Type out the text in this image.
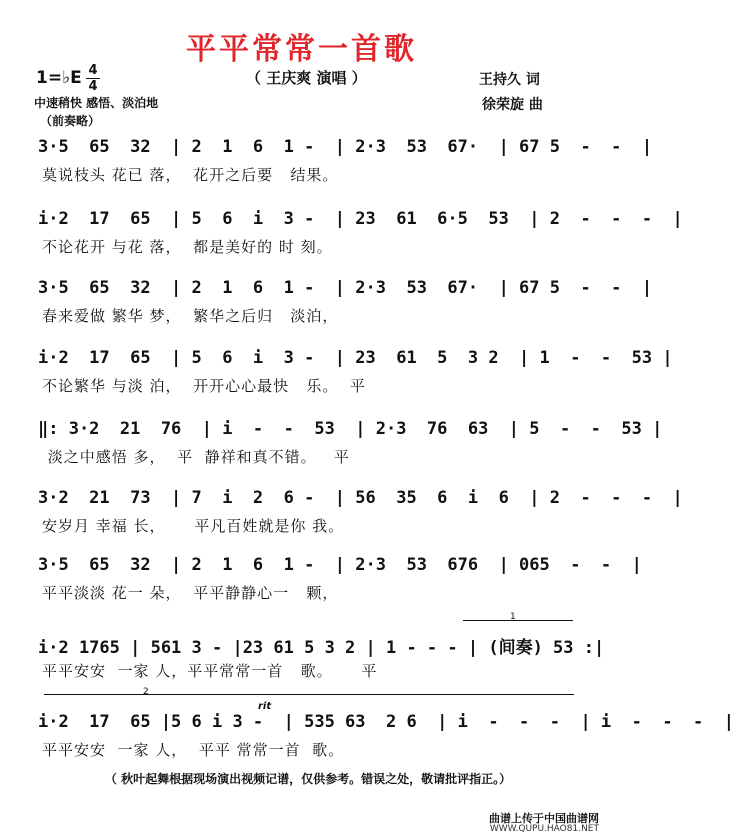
平平常常一首歌
1=♭E 4
4	（ 王庆爽 演唱 ）
中速稍快 感悟、淡泊地
（前奏略）
王持久 词
徐荣旋 曲
3·5  65  32  | 2  1  6  1 -  | 2·3  53  67·  | 67 5  -  -  |
莫说枝头 花已 落，  花开之后要   结果。
i·2  17  65  | 5  6  i  3 -  | 23  61  6·5  53  | 2  -  -  -  |
不论花开 与花 落，  都是美好的 时 刻。
3·5  65  32  | 2  1  6  1 -  | 2·3  53  67·  | 67 5  -  -  |
春来爱做 繁华 梦，  繁华之后归   淡泊，
i·2  17  65  | 5  6  i  3 -  | 23  61  5  3 2  | 1  -  -  53 |
不论繁华 与淡 泊，  开开心心最快   乐。  平
‖: 3·2  21  76  | i  -  -  53  | 2·3  76  63  | 5  -  -  53 |
淡之中感悟 多，  平  静祥和真不错。   平
3·2  21  73  | 7  i  2  6 -  | 56  35  6  i  6  | 2  -  -  -  |
安岁月 幸福 长，     平凡百姓就是你 我。
3·5  65  32  | 2  1  6  1 -  | 2·3  53  676  | 065  -  -  |
平平淡淡 花一 朵，  平平静静心一   颗，
1
i·2 1765 | 561 3 - |23 61 5 3 2 | 1 - - - | (间奏) 53 :|
平平安安  一家 人，平平常常一首   歌。     平
2
rit
i·2  17  65 |5 6 i 3 -  | 535 63  2 6  | i  -  -  -  | i  -  -  -  |
平平安安  一家 人，  平平 常常一首  歌。
（ 秋叶起舞根据现场演出视频记谱，仅供参考。错误之处，敬请批评指正。）
曲谱上传于中国曲谱网
WWW.QUPU.HAO81.NET
